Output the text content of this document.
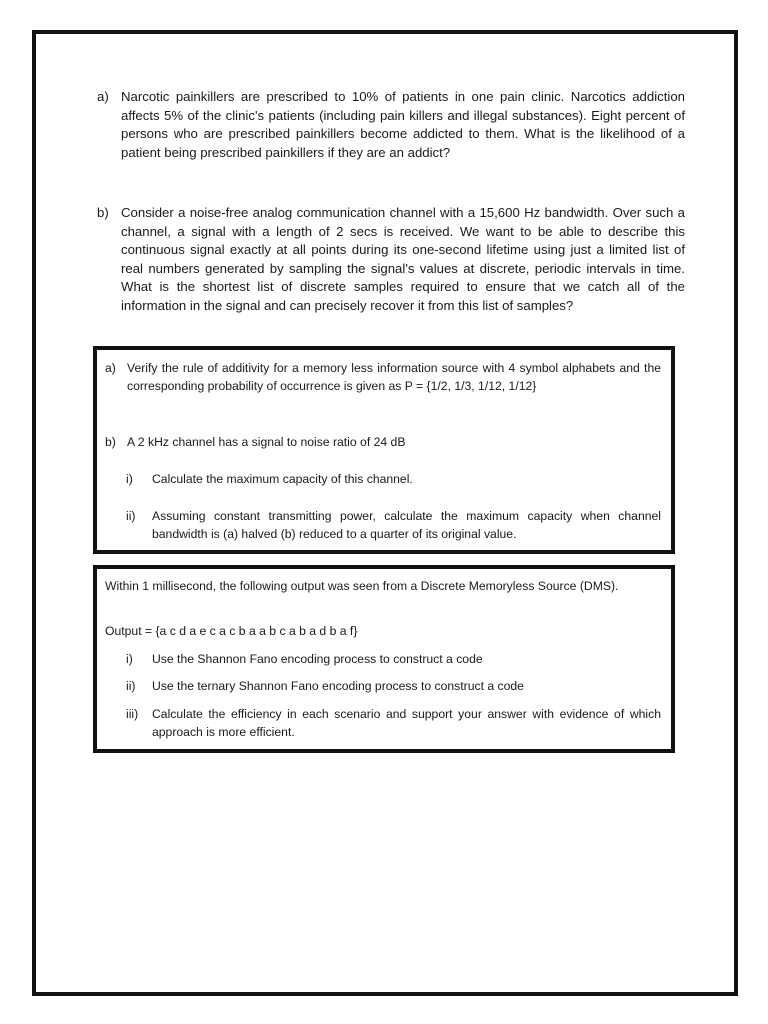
a) Narcotic painkillers are prescribed to 10% of patients in one pain clinic. Narcotics addiction affects 5% of the clinic's patients (including pain killers and illegal substances). Eight percent of persons who are prescribed painkillers become addicted to them. What is the likelihood of a patient being prescribed painkillers if they are an addict?
b) Consider a noise-free analog communication channel with a 15,600 Hz bandwidth. Over such a channel, a signal with a length of 2 secs is received. We want to be able to describe this continuous signal exactly at all points during its one-second lifetime using just a limited list of real numbers generated by sampling the signal's values at discrete, periodic intervals in time. What is the shortest list of discrete samples required to ensure that we catch all of the information in the signal and can precisely recover it from this list of samples?
a) Verify the rule of additivity for a memory less information source with 4 symbol alphabets and the corresponding probability of occurrence is given as P = {1/2, 1/3, 1/12, 1/12}
b) A 2 kHz channel has a signal to noise ratio of 24 dB
i) Calculate the maximum capacity of this channel.
ii) Assuming constant transmitting power, calculate the maximum capacity when channel bandwidth is (a) halved (b) reduced to a quarter of its original value.
Within 1 millisecond, the following output was seen from a Discrete Memoryless Source (DMS).
Output = {a c d a e c a c b a a b c a b a d b a f}
i) Use the Shannon Fano encoding process to construct a code
ii) Use the ternary Shannon Fano encoding process to construct a code
iii) Calculate the efficiency in each scenario and support your answer with evidence of which approach is more efficient.
